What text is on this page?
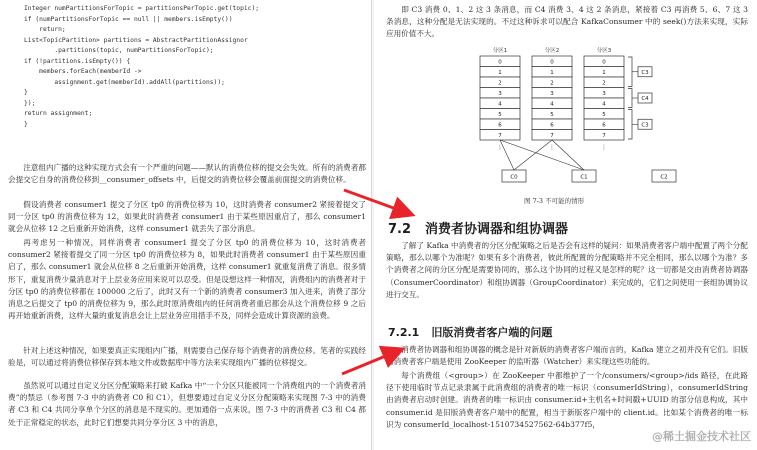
Integer numPartitionsForTopic = partitionsPerTopic.get(topic);
if (numPartitionsForTopic == null || members.isEmpty())
return;
List<TopicPartition> partitions = AbstractPartitionAssignor
.partitions(topic, numPartitionsForTopic);
if (!partitions.isEmpty()) {
members.forEach(memberId ->
assignment.get(memberId).addAll(partitions));
}
});
return assignment;
}

注意组内广播的这种实现方式会有一个严重的问题——默认的消费位移的提交会失效。所有的消费者都会提交它自身的消费位移到__consumer_offsets 中，后提交的消费位移会覆盖前面提交的消费位移。

假设消费者 consumer1 提交了分区 tp0 的消费位移为 10，这时消费者 consumer2 紧接着提交了同一分区 tp0 的消费位移为 12，如果此时消费者 consumer1 由于某些原因重启了，那么 consumer1 就会从位移 12 之后重新开始消费，这样 consumer1 就丢失了部分消息。

再考虑另一种情况，同样消费者 consumer1 提交了分区 tp0 的消费位移为 10，这时消费者 consumer2 紧接着提交了同一分区 tp0 的消费位移为 8，如果此时消费者 consumer1 由于某些原因重启了，那么 consumer1 就会从位移 8 之后重新开始消费，这样 consumer1 就重复消费了消息。很多情形下，重复消费少量消息对于上层业务应用来说可以忍受。但是设想这样一种情况，消费组内的消费者对于分区 tp0 的消费位移都在 100000 之后了，此时又有一个新的消费者 consumer3 加入进来，消费了部分消息之后提交了 tp0 的消费位移为 9，那么此时原消费组内的任何消费者重启都会从这个消费位移 9 之后再开始重新消费，这样大量的重复消息会让上层业务应用措手不及，同样会造成计算资源的浪费。

针对上述这种情况，如果要真正实现组内广播，则需要自己保存每个消费者的消费位移。笔者的实践经验是，可以通过将消费位移保存到本地文件或数据库中等方法来实现组内广播的位移提交。

虽然说可以通过自定义分区分配策略来打破 Kafka 中“一个分区只能被同一个消费组内的一个消费者消费”的禁忌（参考图 7-3 中的消费者 C0 和 C1），但想要通过自定义分区分配策略来实现图 7-3 中的消费者 C3 和 C4 共同分享单个分区的消息是不现实的。更加通俗一点来说，图 7-3 中的消费者 C3 和 C4 都处于正常稳定的状态，此时它们想要共同分享分区 3 中的消息，

即 C3 消费 0、1、2 这 3 条消息，而 C4 消费 3、4 这 2 条消息，紧接着 C3 再消费 5、6、7 这 3 条消息，这种分配是无法实现的。不过这种诉求可以配合 KafkaConsumer 中的 seek()方法来实现，实际应用价值不大。

分区1
0
1
2
3
4
5
6
7
⋮
分区2
0
1
2
3
4
5
6
7
⋮
分区3
0
1
2
3
4
5
6
7
⋮
C3
C4
C3
C0	C1	C2
图 7-3 不可能的情形
7.2 消费者协调器和组协调器

了解了 Kafka 中消费者的分区分配策略之后是否会有这样的疑问：如果消费者客户端中配置了两个分配策略，那么以哪个为准呢？如果有多个消费者，彼此所配置的分配策略并不完全相同，那么以哪个为准？多个消费者之间的分区分配是需要协同的，那么这个协同的过程又是怎样的呢？这一切都是交由消费者协调器（ConsumerCoordinator）和组协调器（GroupCoordinator）来完成的，它们之间使用一套组协调协议进行交互。

7.2.1 旧版消费者客户端的问题

消费者协调器和组协调器的概念是针对新版的消费者客户端而言的，Kafka 建立之初并没有它们。旧版的消费者客户端是使用 ZooKeeper 的监听器（Watcher）来实现这些功能的。

每个消费组（<group>）在 ZooKeeper 中都维护了一个/consumers/<group>/ids 路径，在此路径下使用临时节点记录隶属于此消费组的消费者的唯一标识（consumerIdString），consumerIdString 由消费者启动时创建。消费者的唯一标识由 consumer.id+主机名+时间戳+UUID 的部分信息构成，其中 consumer.id 是旧版消费者客户端中的配置，相当于新版客户端中的 client.id。比如某个消费者的唯一标识为 consumerId_localhost-1510734527562-64b377f5，

@稀土掘金技术社区
